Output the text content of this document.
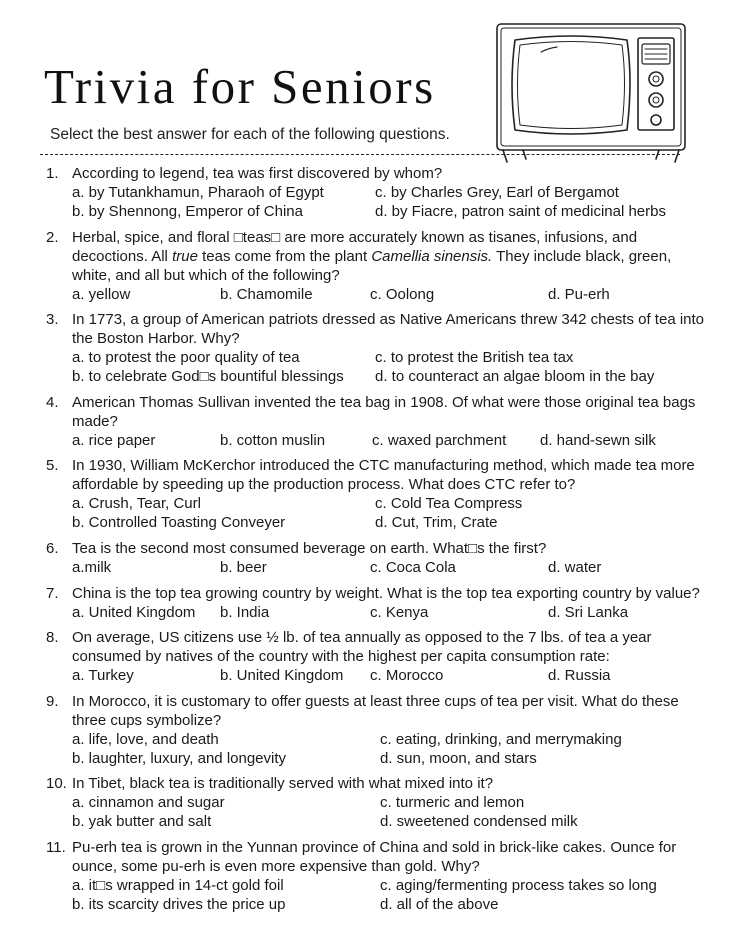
Trivia for Seniors
Select the best answer for each of the following questions.
1. According to legend, tea was first discovered by whom?
a. by Tutankhamun, Pharaoh of Egypt	c. by Charles Grey, Earl of Bergamot
b. by Shennong, Emperor of China	d. by Fiacre, patron saint of medicinal herbs
2. Herbal, spice, and floral □teas□ are more accurately known as tisanes, infusions, and decoctions. All true teas come from the plant Camellia sinensis. They include black, green, white, and all but which of the following?
a. yellow	b. Chamomile	c. Oolong	d. Pu-erh
3. In 1773, a group of American patriots dressed as Native Americans threw 342 chests of tea into the Boston Harbor. Why?
a. to protest the poor quality of tea	c. to protest the British tea tax
b. to celebrate God□s bountiful blessings	d. to counteract an algae bloom in the bay
4. American Thomas Sullivan invented the tea bag in 1908. Of what were those original tea bags made?
a. rice paper	b. cotton muslin	c. waxed parchment	d. hand-sewn silk
5. In 1930, William McKerchor introduced the CTC manufacturing method, which made tea more affordable by speeding up the production process. What does CTC refer to?
a. Crush, Tear, Curl	c. Cold Tea Compress
b. Controlled Toasting Conveyer	d. Cut, Trim, Crate
6. Tea is the second most consumed beverage on earth. What□s the first?
a.milk	b. beer	c. Coca Cola	d. water
7. China is the top tea growing country by weight. What is the top tea exporting country by value?
a. United Kingdom	b. India	c. Kenya	d. Sri Lanka
8. On average, US citizens use ½ lb. of tea annually as opposed to the 7 lbs. of tea a year consumed by natives of the country with the highest per capita consumption rate:
a. Turkey	b. United Kingdom	c. Morocco	d. Russia
9. In Morocco, it is customary to offer guests at least three cups of tea per visit. What do these three cups symbolize?
a. life, love, and death	c. eating, drinking, and merrymaking
b. laughter, luxury, and longevity	d. sun, moon, and stars
10. In Tibet, black tea is traditionally served with what mixed into it?
a. cinnamon and sugar	c. turmeric and lemon
b. yak butter and salt	d. sweetened condensed milk
11. Pu-erh tea is grown in the Yunnan province of China and sold in brick-like cakes. Ounce for ounce, some pu-erh is even more expensive than gold. Why?
a. it□s wrapped in 14-ct gold foil	c. aging/fermenting process takes so long
b. its scarcity drives the price up	d. all of the above
